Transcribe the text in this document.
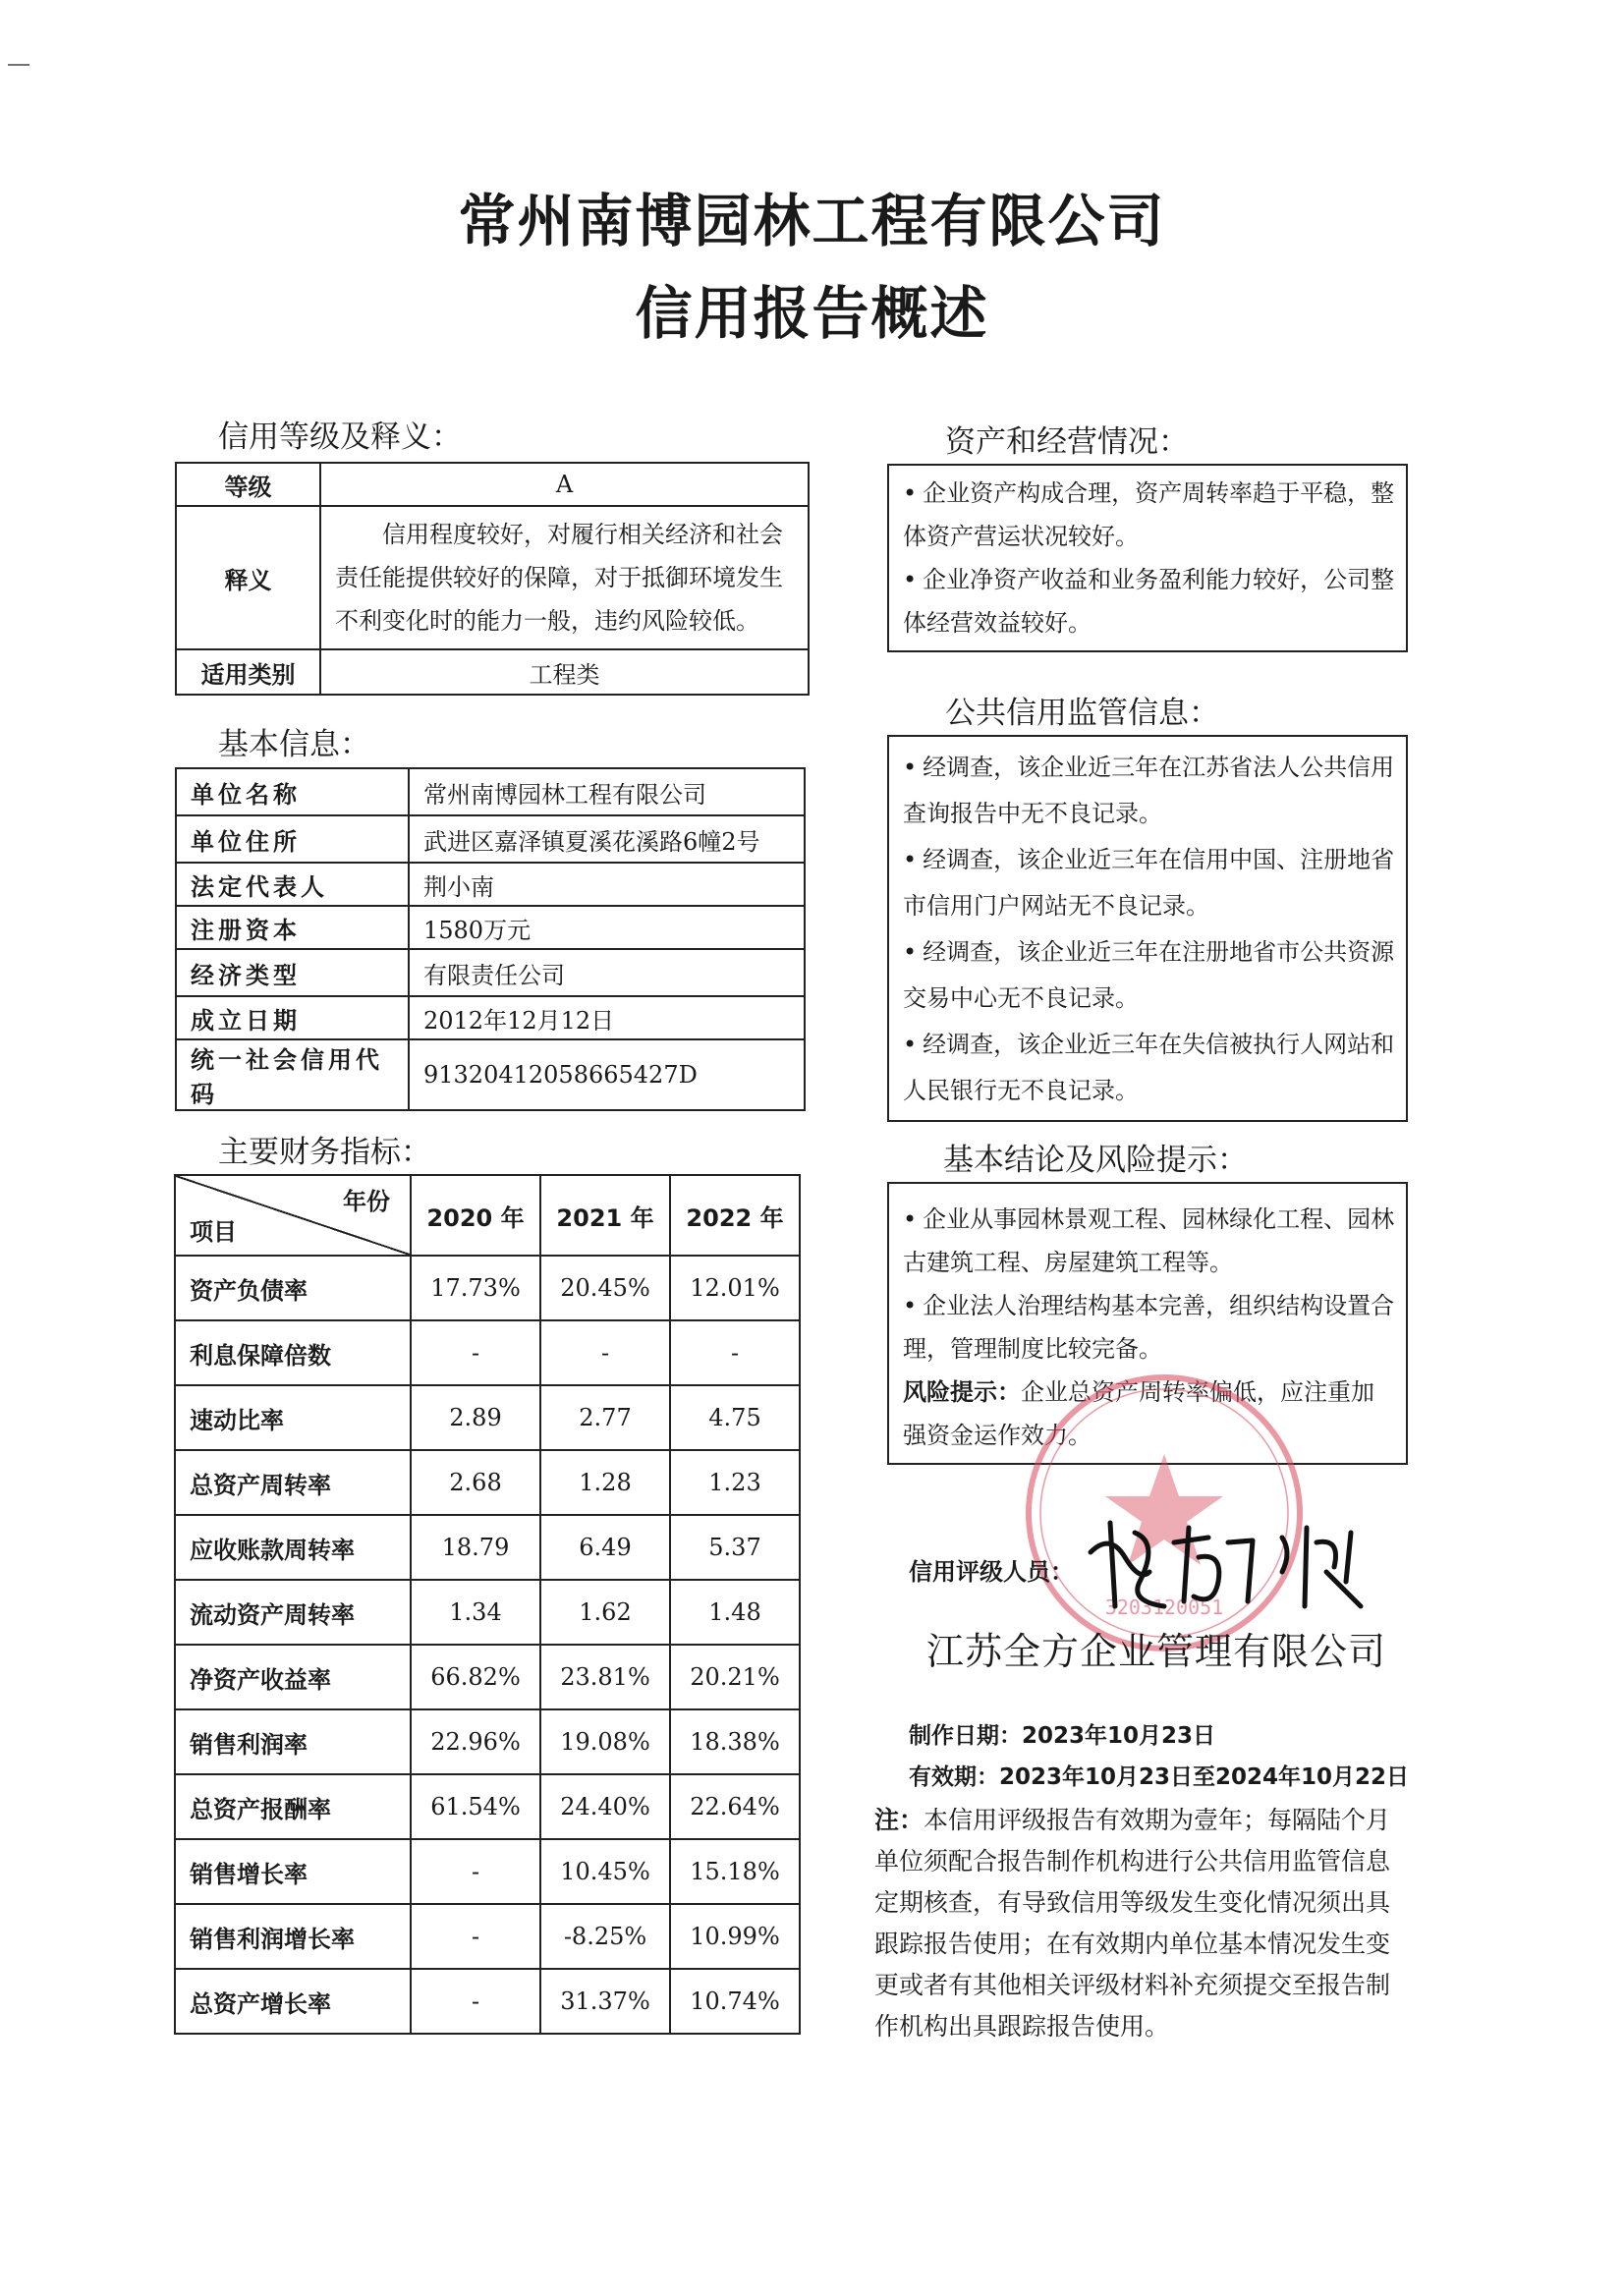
常州南博园林工程有限公司
信用报告概述
信用等级及释义：
等级	A
释义	信用程度较好，对履行相关经济和社会责任能提供较好的保障，对于抵御环境发生不利变化时的能力一般，违约风险较低。
适用类别	工程类
基本信息：
单位名称	常州南博园林工程有限公司
单位住所	武进区嘉泽镇夏溪花溪路6幢2号
法定代表人	荆小南
注册资本	1580万元
经济类型	有限责任公司
成立日期	2012年12月12日
统一社会信用代码	91320412058665427D
主要财务指标：
年份
项目	2020 年	2021 年	2022 年
资产负债率	17.73%	20.45%	12.01%
利息保障倍数	-	-	-
速动比率	2.89	2.77	4.75
总资产周转率	2.68	1.28	1.23
应收账款周转率	18.79	6.49	5.37
流动资产周转率	1.34	1.62	1.48
净资产收益率	66.82%	23.81%	20.21%
销售利润率	22.96%	19.08%	18.38%
总资产报酬率	61.54%	24.40%	22.64%
销售增长率	-	10.45%	15.18%
销售利润增长率	-	-8.25%	10.99%
总资产增长率	-	31.37%	10.74%
资产和经营情况：

• 企业资产构成合理，资产周转率趋于平稳，整体资产营运状况较好。

• 企业净资产收益和业务盈利能力较好，公司整体经营效益较好。

公共信用监管信息：

• 经调查，该企业近三年在江苏省法人公共信用查询报告中无不良记录。

• 经调查，该企业近三年在信用中国、注册地省市信用门户网站无不良记录。

• 经调查，该企业近三年在注册地省市公共资源交易中心无不良记录。

• 经调查，该企业近三年在失信被执行人网站和人民银行无不良记录。

基本结论及风险提示：

• 企业从事园林景观工程、园林绿化工程、园林古建筑工程、房屋建筑工程等。

• 企业法人治理结构基本完善，组织结构设置合理，管理制度比较完备。

风险提示：企业总资产周转率偏低，应注重加强资金运作效力。

3203120051
信用评级人员：
江苏全方企业管理有限公司
制作日期：2023年10月23日
有效期：2023年10月23日至2024年10月22日
注：本信用评级报告有效期为壹年；每隔陆个月单位须配合报告制作机构进行公共信用监管信息定期核查，有导致信用等级发生变化情况须出具跟踪报告使用；在有效期内单位基本情况发生变更或者有其他相关评级材料补充须提交至报告制作机构出具跟踪报告使用。
